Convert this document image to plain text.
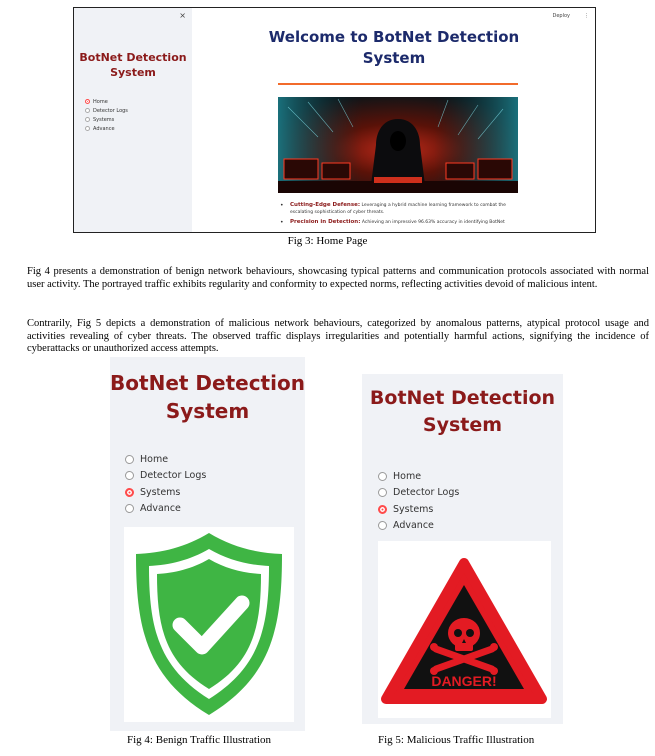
×
BotNet Detection System
Home
Detector Logs
Systems
Advance
Deploy	⋮
Welcome to BotNet Detection System
• Cutting-Edge Defense: Leveraging a hybrid machine learning framework to combat the escalating sophistication of cyber threats.
• Precision in Detection: Achieving an impressive 96.63% accuracy in identifying BotNet
Fig 3: Home Page

Fig 4 presents a demonstration of benign network behaviours, showcasing typical patterns and communication protocols associated with normal user activity. The portrayed traffic exhibits regularity and conformity to expected norms, reflecting activities devoid of malicious intent.

Contrarily, Fig 5 depicts a demonstration of malicious network behaviours, categorized by anomalous patterns, atypical protocol usage and activities revealing of cyber threats. The observed traffic displays irregularities and potentially harmful actions, signifying the incidence of cyberattacks or unauthorized access attempts.

BotNet Detection System
Home
Detector Logs
Systems
Advance
BotNet Detection System
Home
Detector Logs
Systems
Advance
DANGER!
Fig 4: Benign Traffic Illustration	Fig 5: Malicious Traffic Illustration
